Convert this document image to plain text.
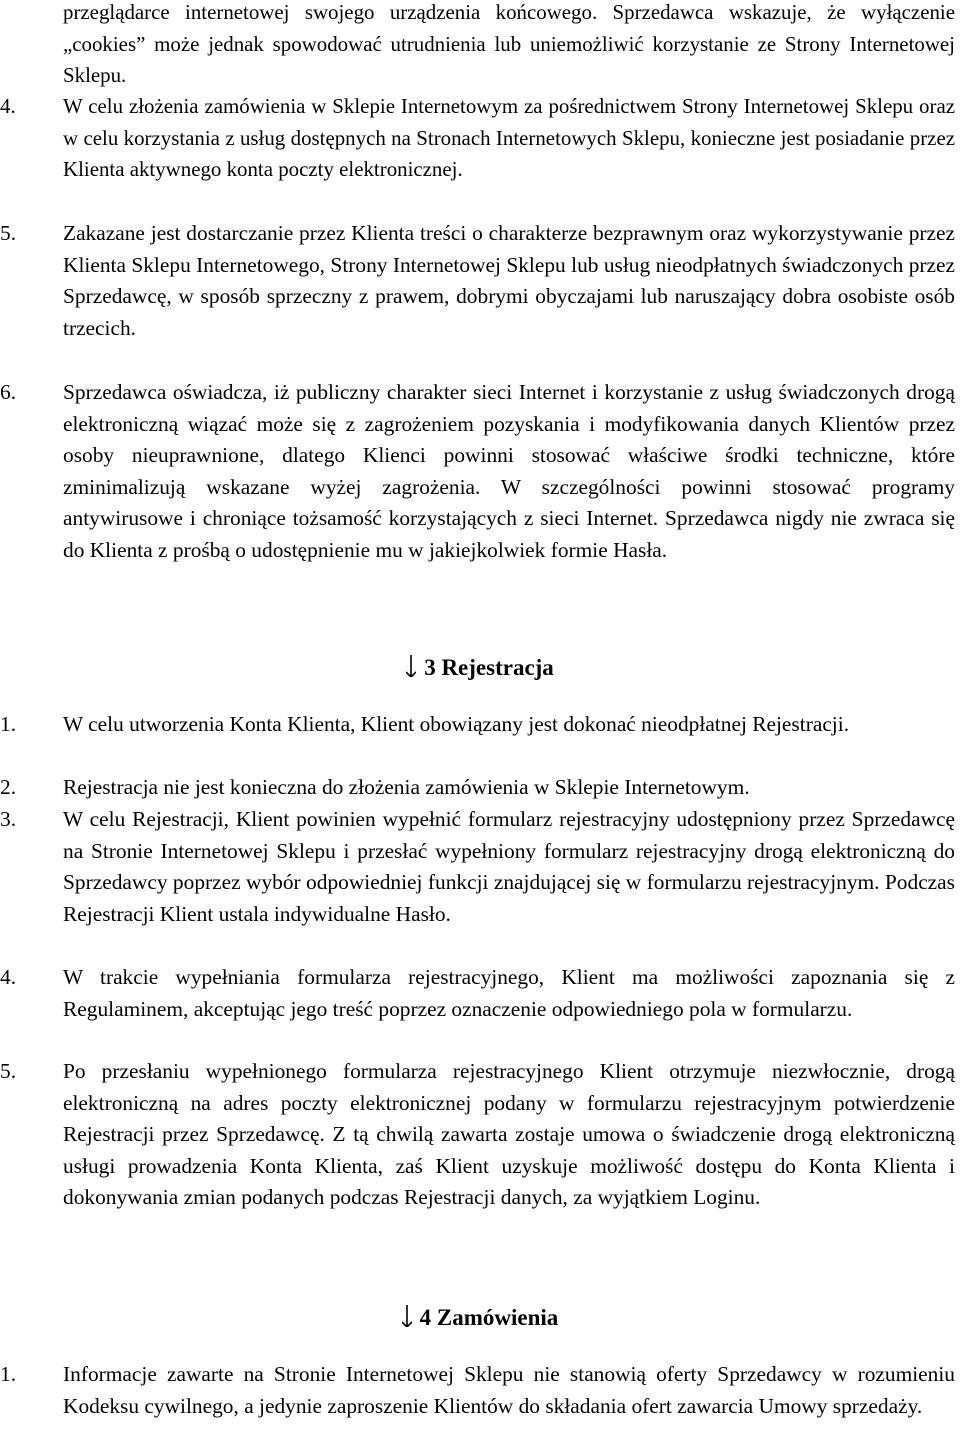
przeglądarce internetowej swojego urządzenia końcowego. Sprzedawca wskazuje, że wyłączenie „cookies” może jednak spowodować utrudnienia lub uniemożliwić korzystanie ze Strony Internetowej Sklepu.
4. W celu złożenia zamówienia w Sklepie Internetowym za pośrednictwem Strony Internetowej Sklepu oraz w celu korzystania z usług dostępnych na Stronach Internetowych Sklepu, konieczne jest posiadanie przez Klienta aktywnego konta poczty elektronicznej.
5. Zakazane jest dostarczanie przez Klienta treści o charakterze bezprawnym oraz wykorzystywanie przez Klienta Sklepu Internetowego, Strony Internetowej Sklepu lub usług nieodpłatnych świadczonych przez Sprzedawcę, w sposób sprzeczny z prawem, dobrymi obyczajami lub naruszający dobra osobiste osób trzecich.
6. Sprzedawca oświadcza, iż publiczny charakter sieci Internet i korzystanie z usług świadczonych drogą elektroniczną wiązać może się z zagrożeniem pozyskania i modyfikowania danych Klientów przez osoby nieuprawnione, dlatego Klienci powinni stosować właściwe środki techniczne, które zminimalizują wskazane wyżej zagrożenia. W szczególności powinni stosować programy antywirusowe i chroniące tożsamość korzystających z sieci Internet. Sprzedawca nigdy nie zwraca się do Klienta z prośbą o udostępnienie mu w jakiejkolwiek formie Hasła.
3 Rejestracja
1. W celu utworzenia Konta Klienta, Klient obowiązany jest dokonać nieodpłatnej Rejestracji.
2. Rejestracja nie jest konieczna do złożenia zamówienia w Sklepie Internetowym.
3. W celu Rejestracji, Klient powinien wypełnić formularz rejestracyjny udostępniony przez Sprzedawcę na Stronie Internetowej Sklepu i przesłać wypełniony formularz rejestracyjny drogą elektroniczną do Sprzedawcy poprzez wybór odpowiedniej funkcji znajdującej się w formularzu rejestracyjnym. Podczas Rejestracji Klient ustala indywidualne Hasło.
4. W trakcie wypełniania formularza rejestracyjnego, Klient ma możliwości zapoznania się z Regulaminem, akceptując jego treść poprzez oznaczenie odpowiedniego pola w formularzu.
5. Po przesłaniu wypełnionego formularza rejestracyjnego Klient otrzymuje niezwłocznie, drogą elektroniczną na adres poczty elektronicznej podany w formularzu rejestracyjnym potwierdzenie Rejestracji przez Sprzedawcę. Z tą chwilą zawarta zostaje umowa o świadczenie drogą elektroniczną usługi prowadzenia Konta Klienta, zaś Klient uzyskuje możliwość dostępu do Konta Klienta i dokonywania zmian podanych podczas Rejestracji danych, za wyjątkiem Loginu.
4 Zamówienia
1. Informacje zawarte na Stronie Internetowej Sklepu nie stanowią oferty Sprzedawcy w rozumieniu Kodeksu cywilnego, a jedynie zaproszenie Klientów do składania ofert zawarcia Umowy sprzedaży.
